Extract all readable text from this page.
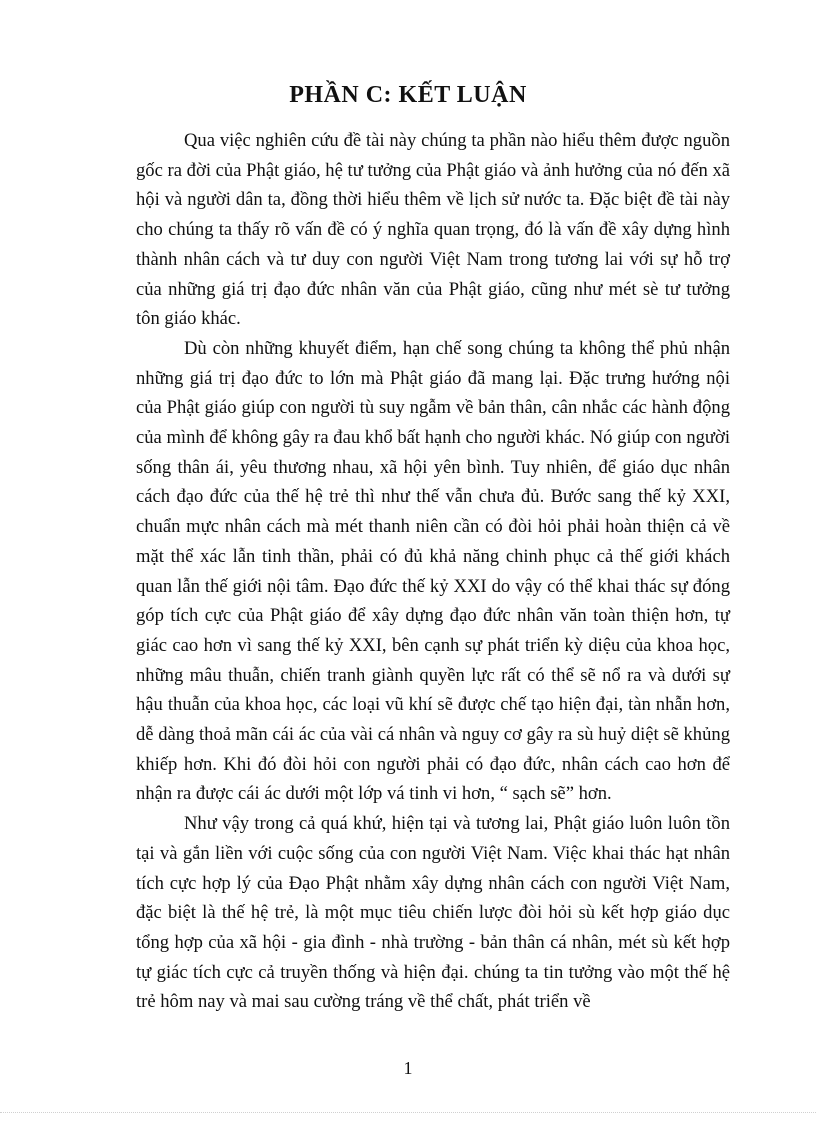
PHẦN C: KẾT LUẬN

Qua việc nghiên cứu đề tài này chúng ta phần nào hiểu thêm được nguồn gốc ra đời của Phật giáo, hệ tư tưởng của Phật giáo và ảnh hưởng của nó đến xã hội và người dân ta, đồng thời hiểu thêm về lịch sử nước ta. Đặc biệt đề tài này cho chúng ta thấy rõ vấn đề có ý nghĩa quan trọng, đó là vấn đề xây dựng hình thành nhân cách và tư duy con người Việt Nam trong tương lai với sự hỗ trợ của những giá trị đạo đức nhân văn của Phật giáo, cũng như mét sè tư tưởng tôn giáo khác.

Dù còn những khuyết điểm, hạn chế song chúng ta không thể phủ nhận những giá trị đạo đức to lớn mà Phật giáo đã mang lại. Đặc trưng hướng nội của Phật giáo giúp con người tù suy ngẫm về bản thân, cân nhắc các hành động của mình để không gây ra đau khổ bất hạnh cho người khác. Nó giúp con người sống thân ái, yêu thương nhau, xã hội yên bình. Tuy nhiên, để giáo dục nhân cách đạo đức của thế hệ trẻ thì như thế vẫn chưa đủ. Bước sang thế kỷ XXI, chuẩn mực nhân cách mà mét thanh niên cần có đòi hỏi phải hoàn thiện cả về mặt thể xác lẫn tinh thần, phải có đủ khả năng chinh phục cả thế giới khách quan lẫn thế giới nội tâm. Đạo đức thế kỷ XXI do vậy có thể khai thác sự đóng góp tích cực của Phật giáo để xây dựng đạo đức nhân văn toàn thiện hơn, tự giác cao hơn vì sang thế kỷ XXI, bên cạnh sự phát triển kỳ diệu của khoa học, những mâu thuẫn, chiến tranh giành quyền lực rất có thể sẽ nổ ra và dưới sự hậu thuẫn của khoa học, các loại vũ khí sẽ được chế tạo hiện đại, tàn nhẫn hơn, dễ dàng thoả mãn cái ác của vài cá nhân và nguy cơ gây ra sù huỷ diệt sẽ khủng khiếp hơn. Khi đó đòi hỏi con người phải có đạo đức, nhân cách cao hơn để nhận ra được cái ác dưới một lớp vá tinh vi hơn, “ sạch sẽ” hơn.

Như vậy trong cả quá khứ, hiện tại và tương lai, Phật giáo luôn luôn tồn tại và gắn liền với cuộc sống của con người Việt Nam. Việc khai thác hạt nhân tích cực hợp lý của Đạo Phật nhằm xây dựng nhân cách con người Việt Nam, đặc biệt là thế hệ trẻ, là một mục tiêu chiến lược đòi hỏi sù kết hợp giáo dục tổng hợp của xã hội - gia đình - nhà trường - bản thân cá nhân, mét sù kết hợp tự giác tích cực cả truyền thống và hiện đại. chúng ta tin tưởng vào một thế hệ trẻ hôm nay và mai sau cường tráng về thể chất, phát triển về

1
